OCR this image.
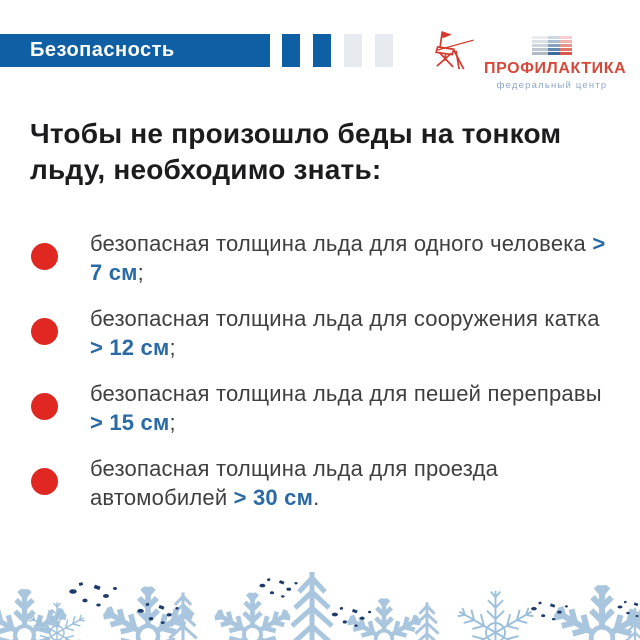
Безопасность
ПРОФИЛАКТИКА
федеральный центр
Чтобы не произошло беды на тонком льду, необходимо знать:
безопасная толщина льда для одного человека > 7 см;
безопасная толщина льда для сооружения катка > 12 см;
безопасная толщина льда для пешей переправы > 15 см;
безопасная толщина льда для проезда автомобилей > 30 см.
